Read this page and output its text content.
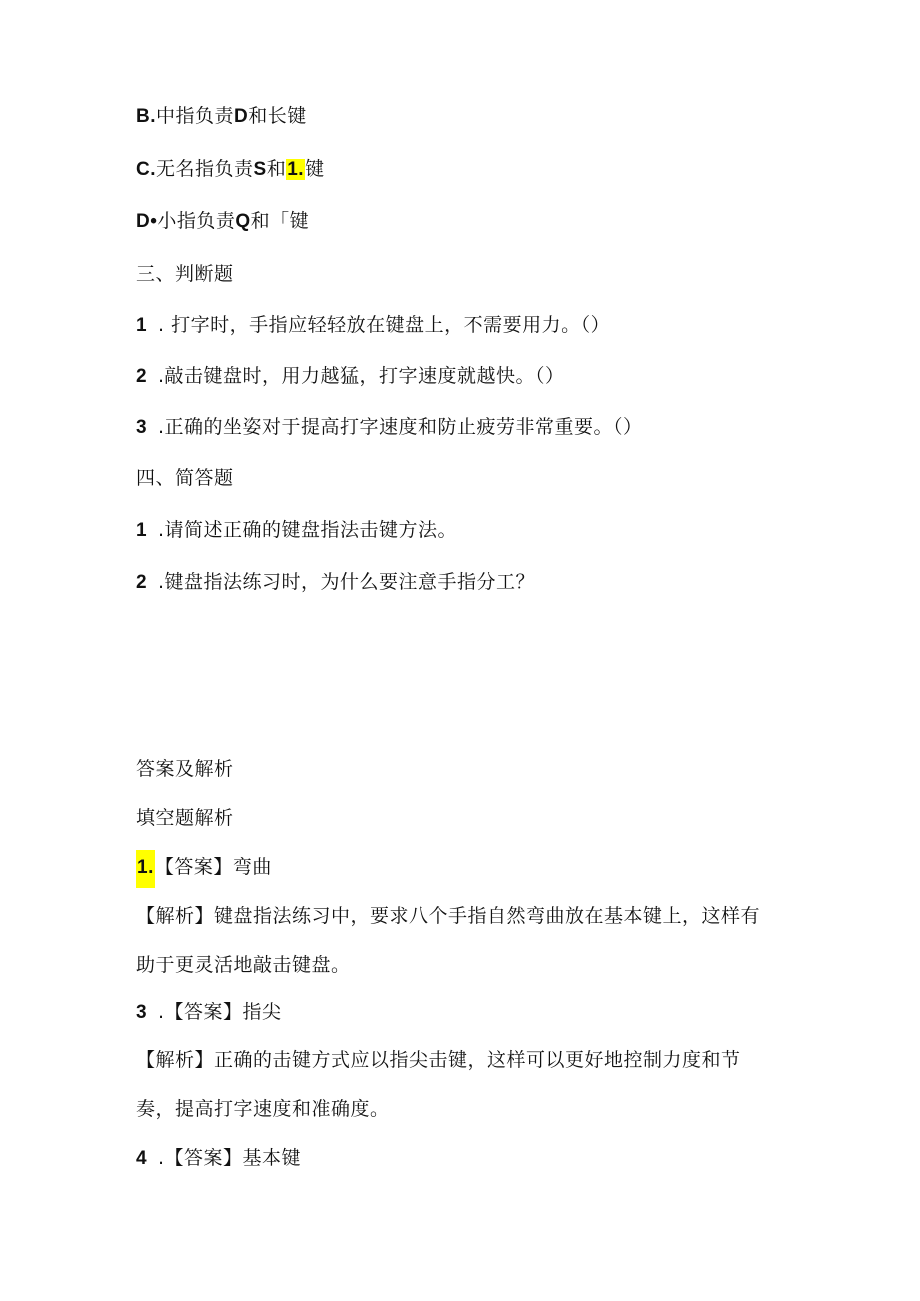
B.中指负责D和长键
C.无名指负责S和1.键
D•小指负责Q和「键
三、判断题
1 . 打字时，手指应轻轻放在键盘上，不需要用力。（）
2 .敲击键盘时，用力越猛，打字速度就越快。（）
3 .正确的坐姿对于提高打字速度和防止疲劳非常重要。（）
四、简答题
1 .请简述正确的键盘指法击键方法。
2 .键盘指法练习时，为什么要注意手指分工？
答案及解析
填空题解析
1.【答案】弯曲
【解析】键盘指法练习中，要求八个手指自然弯曲放在基本键上，这样有
助于更灵活地敲击键盘。
3 .【答案】指尖
【解析】正确的击键方式应以指尖击键，这样可以更好地控制力度和节
奏，提高打字速度和准确度。
4 .【答案】基本键
